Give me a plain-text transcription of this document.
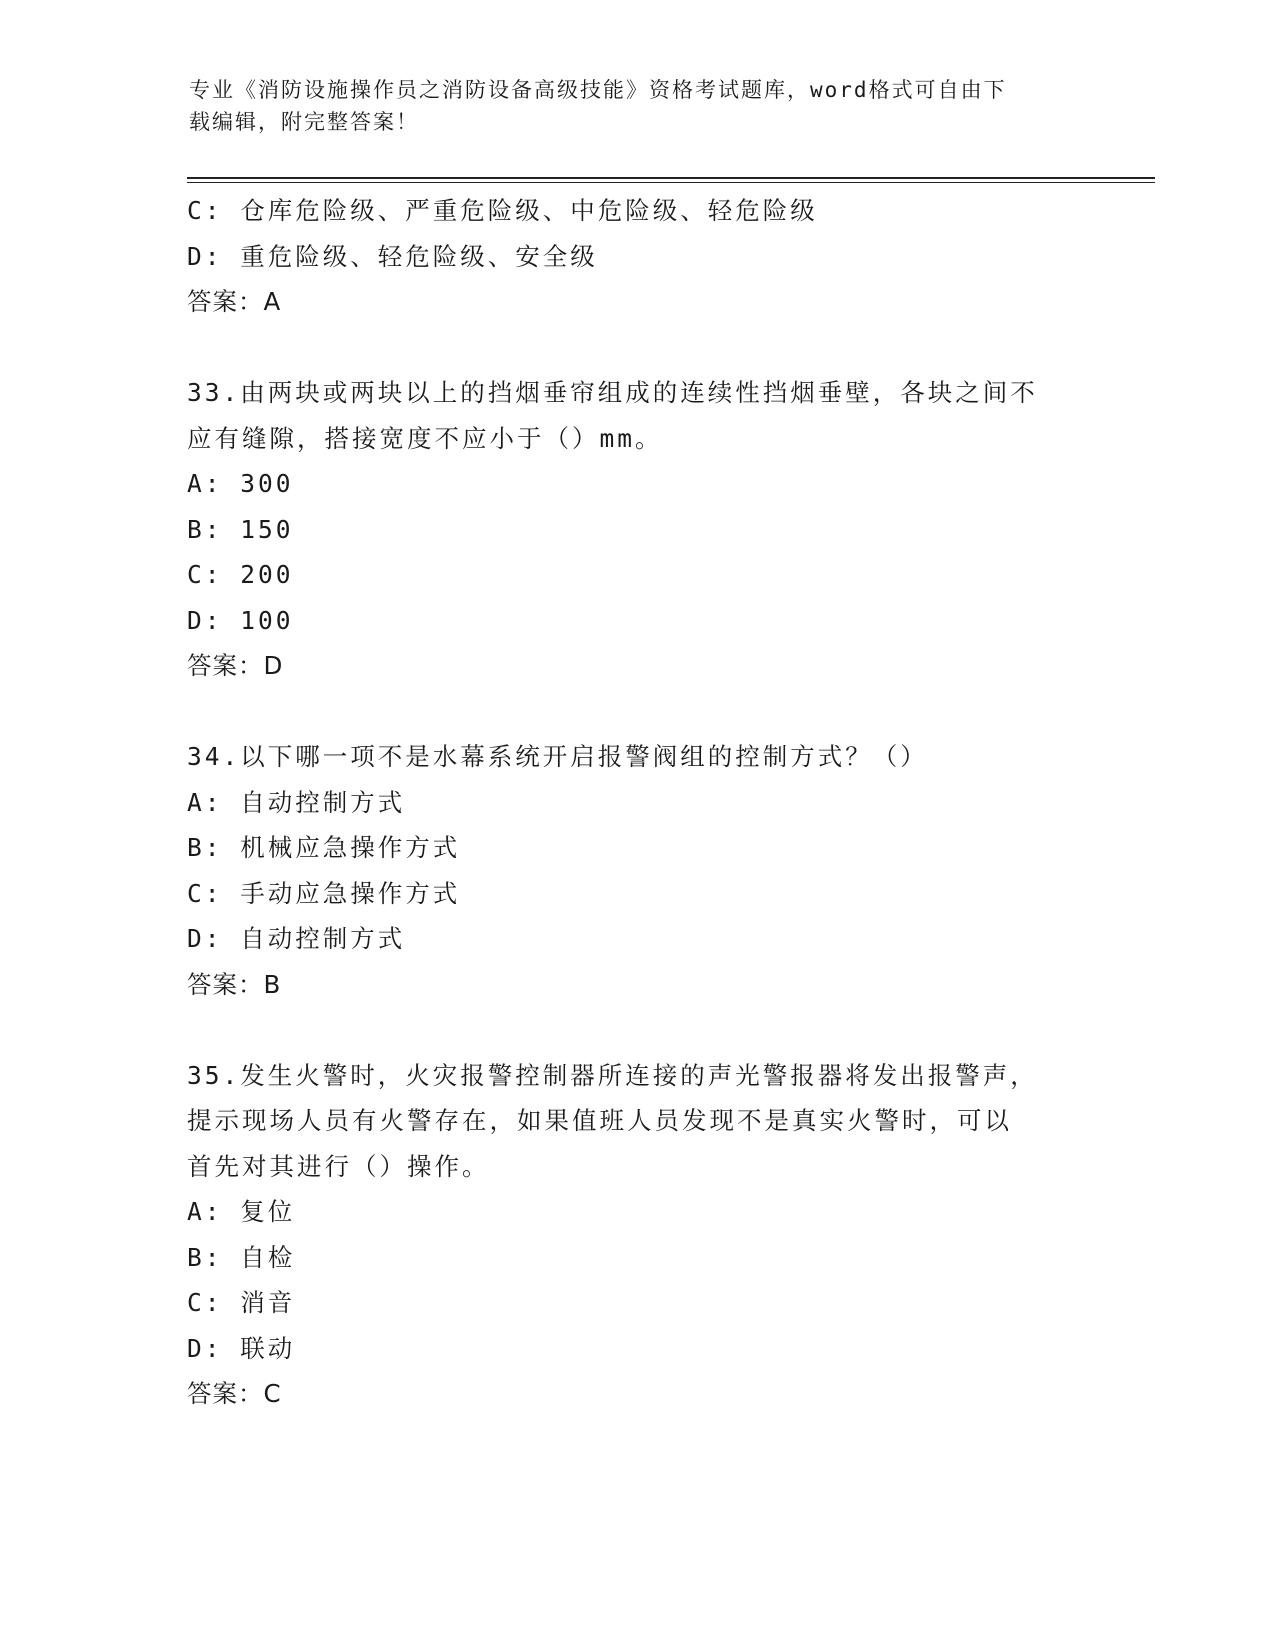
专业《消防设施操作员之消防设备高级技能》资格考试题库，word格式可自由下
载编辑，附完整答案！
C: 仓库危险级、严重危险级、中危险级、轻危险级
D: 重危险级、轻危险级、安全级
答案：A
33.由两块或两块以上的挡烟垂帘组成的连续性挡烟垂壁，各块之间不
应有缝隙，搭接宽度不应小于（）mm。
A: 300
B: 150
C: 200
D: 100
答案：D
34.以下哪一项不是水幕系统开启报警阀组的控制方式？（）
A: 自动控制方式
B: 机械应急操作方式
C: 手动应急操作方式
D: 自动控制方式
答案：B
35.发生火警时，火灾报警控制器所连接的声光警报器将发出报警声，
提示现场人员有火警存在，如果值班人员发现不是真实火警时，可以
首先对其进行（）操作。
A: 复位
B: 自检
C: 消音
D: 联动
答案：C
